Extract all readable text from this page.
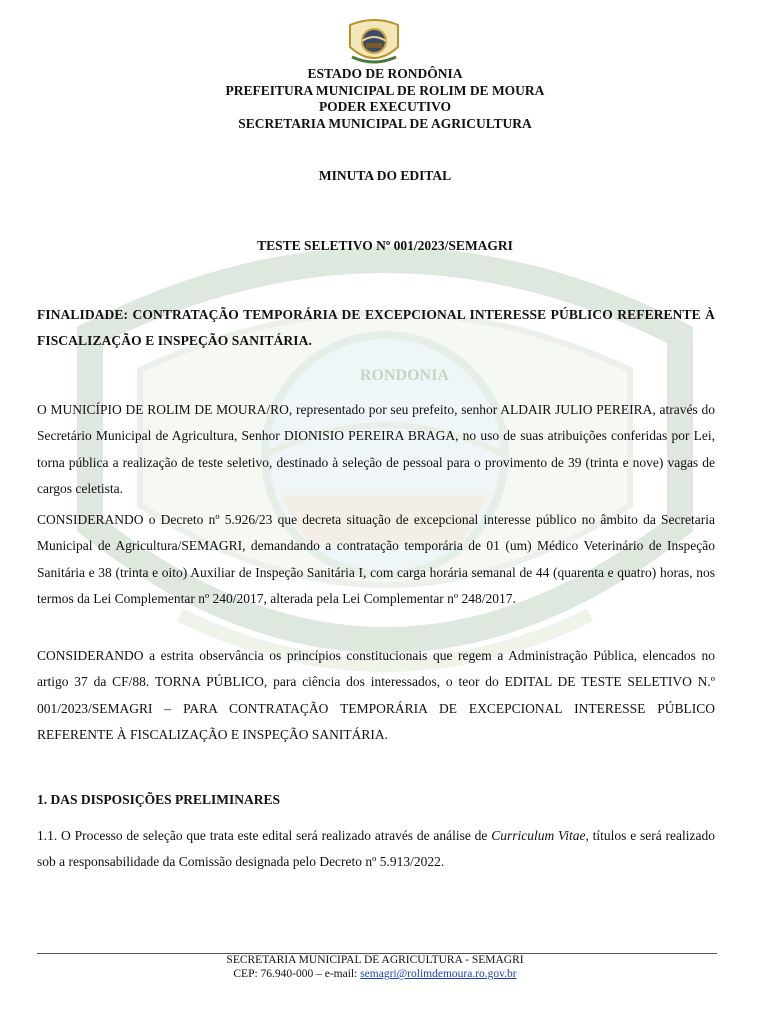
RONDONIA
ESTADO DE RONDÔNIA
PREFEITURA MUNICIPAL DE ROLIM DE MOURA
PODER EXECUTIVO
SECRETARIA MUNICIPAL DE AGRICULTURA
MINUTA DO EDITAL
TESTE SELETIVO Nº 001/2023/SEMAGRI
FINALIDADE: CONTRATAÇÃO TEMPORÁRIA DE EXCEPCIONAL INTERESSE PÚBLICO REFERENTE À FISCALIZAÇÃO E INSPEÇÃO SANITÁRIA.
O MUNICÍPIO DE ROLIM DE MOURA/RO, representado por seu prefeito, senhor ALDAIR JULIO PEREIRA, através do Secretário Municipal de Agricultura, Senhor DIONISIO PEREIRA BRAGA, no uso de suas atribuições conferidas por Lei, torna pública a realização de teste seletivo, destinado à seleção de pessoal para o provimento de 39 (trinta e nove) vagas de cargos celetista.
CONSIDERANDO o Decreto nº 5.926/23 que decreta situação de excepcional interesse público no âmbito da Secretaria Municipal de Agricultura/SEMAGRI, demandando a contratação temporária de 01 (um) Médico Veterinário de Inspeção Sanitária e 38 (trinta e oito) Auxiliar de Inspeção Sanitária I, com carga horária semanal de 44 (quarenta e quatro) horas, nos termos da Lei Complementar nº 240/2017, alterada pela Lei Complementar nº 248/2017.
CONSIDERANDO a estrita observância os princípios constitucionais que regem a Administração Pública, elencados no artigo 37 da CF/88. TORNA PÚBLICO, para ciência dos interessados, o teor do EDITAL DE TESTE SELETIVO N.º 001/2023/SEMAGRI – PARA CONTRATAÇÃO TEMPORÁRIA DE EXCEPCIONAL INTERESSE PÚBLICO REFERENTE À FISCALIZAÇÃO E INSPEÇÃO SANITÁRIA.
1. DAS DISPOSIÇÕES PRELIMINARES
1.1. O Processo de seleção que trata este edital será realizado através de análise de Curriculum Vitae, títulos e será realizado sob a responsabilidade da Comissão designada pelo Decreto nº 5.913/2022.
SECRETARIA MUNICIPAL DE AGRICULTURA - SEMAGRI
CEP: 76.940-000 – e-mail: semagri@rolimdemoura.ro.gov.br
